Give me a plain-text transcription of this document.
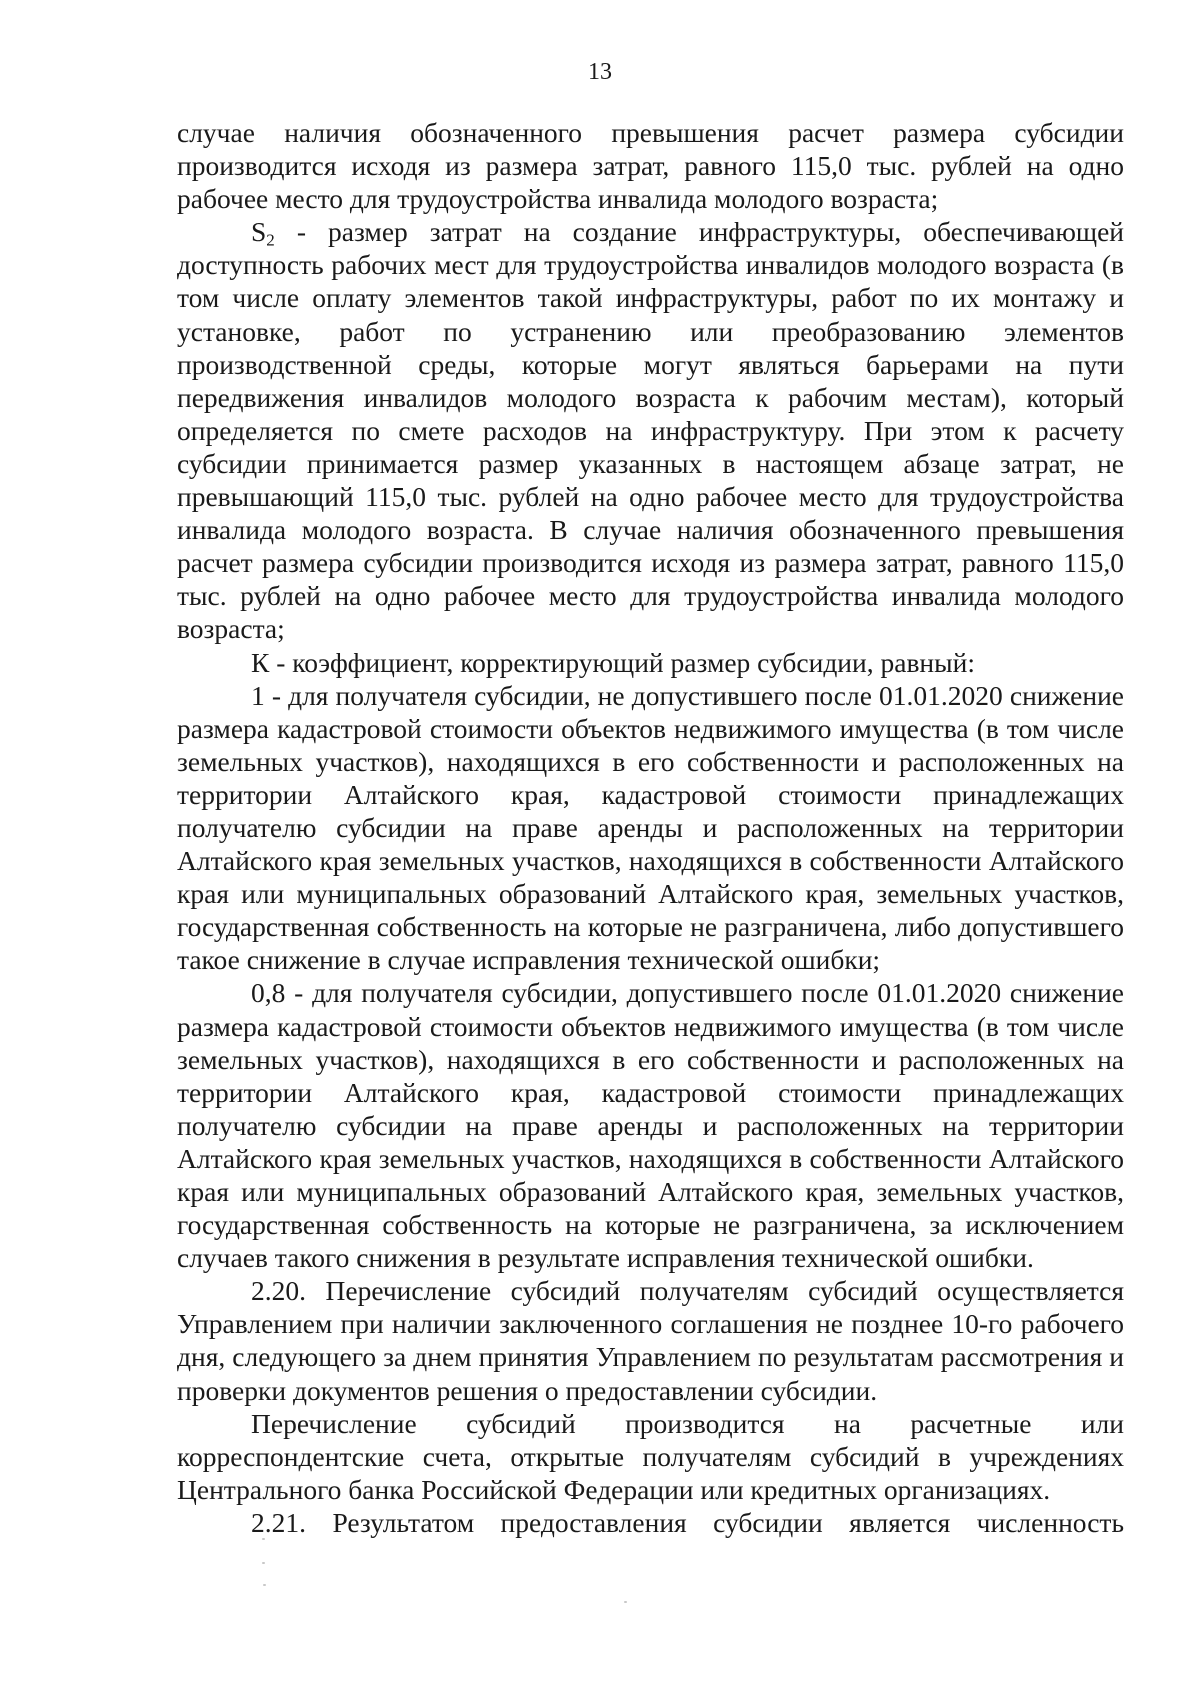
13

случае наличия обозначенного превышения расчет размера субсидии производится исходя из размера затрат, равного 115,0 тыс. рублей на одно рабочее место для трудоустройства инвалида молодого возраста;

$S_2$ - размер затрат на создание инфраструктуры, обеспечивающей доступность рабочих мест для трудоустройства инвалидов молодого возраста (в том числе оплату элементов такой инфраструктуры, работ по их монтажу и установке, работ по устранению или преобразованию элементов производственной среды, которые могут являться барьерами на пути передвижения инвалидов молодого возраста к рабочим местам), который определяется по смете расходов на инфраструктуру. При этом к расчету субсидии принимается размер указанных в настоящем абзаце затрат, не превышающий 115,0 тыс. рублей на одно рабочее место для трудоустройства инвалида молодого возраста. В случае наличия обозначенного превышения расчет размера субсидии производится исходя из размера затрат, равного 115,0 тыс. рублей на одно рабочее место для трудоустройства инвалида молодого возраста;

К - коэффициент, корректирующий размер субсидии, равный:

1 - для получателя субсидии, не допустившего после 01.01.2020 снижение размера кадастровой стоимости объектов недвижимого имущества (в том числе земельных участков), находящихся в его собственности и расположенных на территории Алтайского края, кадастровой стоимости принадлежащих получателю субсидии на праве аренды и расположенных на территории Алтайского края земельных участков, находящихся в собственности Алтайского края или муниципальных образований Алтайского края, земельных участков, государственная собственность на которые не разграничена, либо допустившего такое снижение в случае исправления технической ошибки;

0,8 - для получателя субсидии, допустившего после 01.01.2020 снижение размера кадастровой стоимости объектов недвижимого имущества (в том числе земельных участков), находящихся в его собственности и расположенных на территории Алтайского края, кадастровой стоимости принадлежащих получателю субсидии на праве аренды и расположенных на территории Алтайского края земельных участков, находящихся в собственности Алтайского края или муниципальных образований Алтайского края, земельных участков, государственная собственность на которые не разграничена, за исключением случаев такого снижения в результате исправления технической ошибки.

2.20. Перечисление субсидий получателям субсидий осуществляется Управлением при наличии заключенного соглашения не позднее 10-го рабочего дня, следующего за днем принятия Управлением по результатам рассмотрения и проверки документов решения о предоставлении субсидии.

Перечисление субсидий производится на расчетные или корреспондентские счета, открытые получателям субсидий в учреждениях Центрального банка Российской Федерации или кредитных организациях.

2.21. Результатом предоставления субсидии является численность
